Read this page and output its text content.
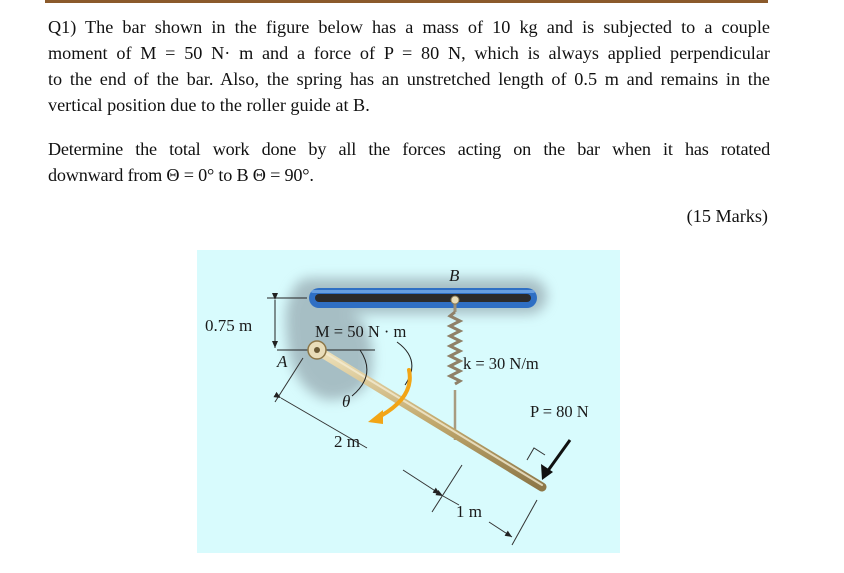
Q1) The bar shown in the figure below has a mass of 10 kg and is subjected to a couple
moment of M = 50 N· m and a force of P = 80 N, which is always applied perpendicular
to the end of the bar. Also, the spring has an unstretched length of 0.5 m and remains in the
vertical position due to the roller guide at B.

Determine the total work done by all the forces acting on the bar when it has rotated
downward from Θ = 0° to B Θ = 90°.

(15 Marks)
0.75 m	M = 50 N · m
A
B
k = 30 N/m
θ
P = 80 N
2 m
1 m
